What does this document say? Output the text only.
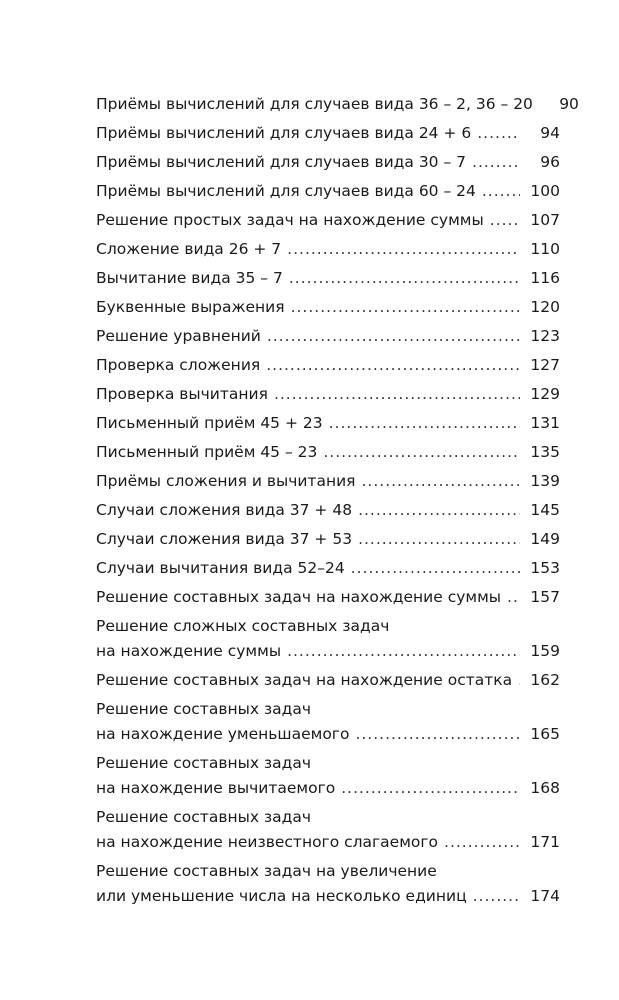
Приёмы вычислений для случаев вида 36 – 2, 36 – 20	90
Приёмы вычислений для случаев вида 24 + 6 .....	94
Приёмы вычислений для случаев вида 30 – 7 .....	96
Приёмы вычислений для случаев вида 60 – 24 .....	100
Решение простых задач на нахождение суммы .....	107
Сложение вида 26 + 7 .....	110
Вычитание вида 35 – 7 .....	116
Буквенные выражения .....	120
Решение уравнений .....	123
Проверка сложения .....	127
Проверка вычитания .....	129
Письменный приём 45 + 23 .....	131
Письменный приём 45 – 23 .....	135
Приёмы сложения и вычитания .....	139
Случаи сложения вида 37 + 48 .....	145
Случаи сложения вида 37 + 53 .....	149
Случаи вычитания вида 52–24 .....	153
Решение составных задач на нахождение суммы ..... 157
Решение сложных составных задач
на нахождение суммы .....	159
Решение составных задач на нахождение остатка ..... 162
Решение составных задач
на нахождение уменьшаемого .....	165
Решение составных задач
на нахождение вычитаемого .....	168
Решение составных задач
на нахождение неизвестного слагаемого .....	171
Решение составных задач на увеличение
или уменьшение числа на несколько единиц .....	174
